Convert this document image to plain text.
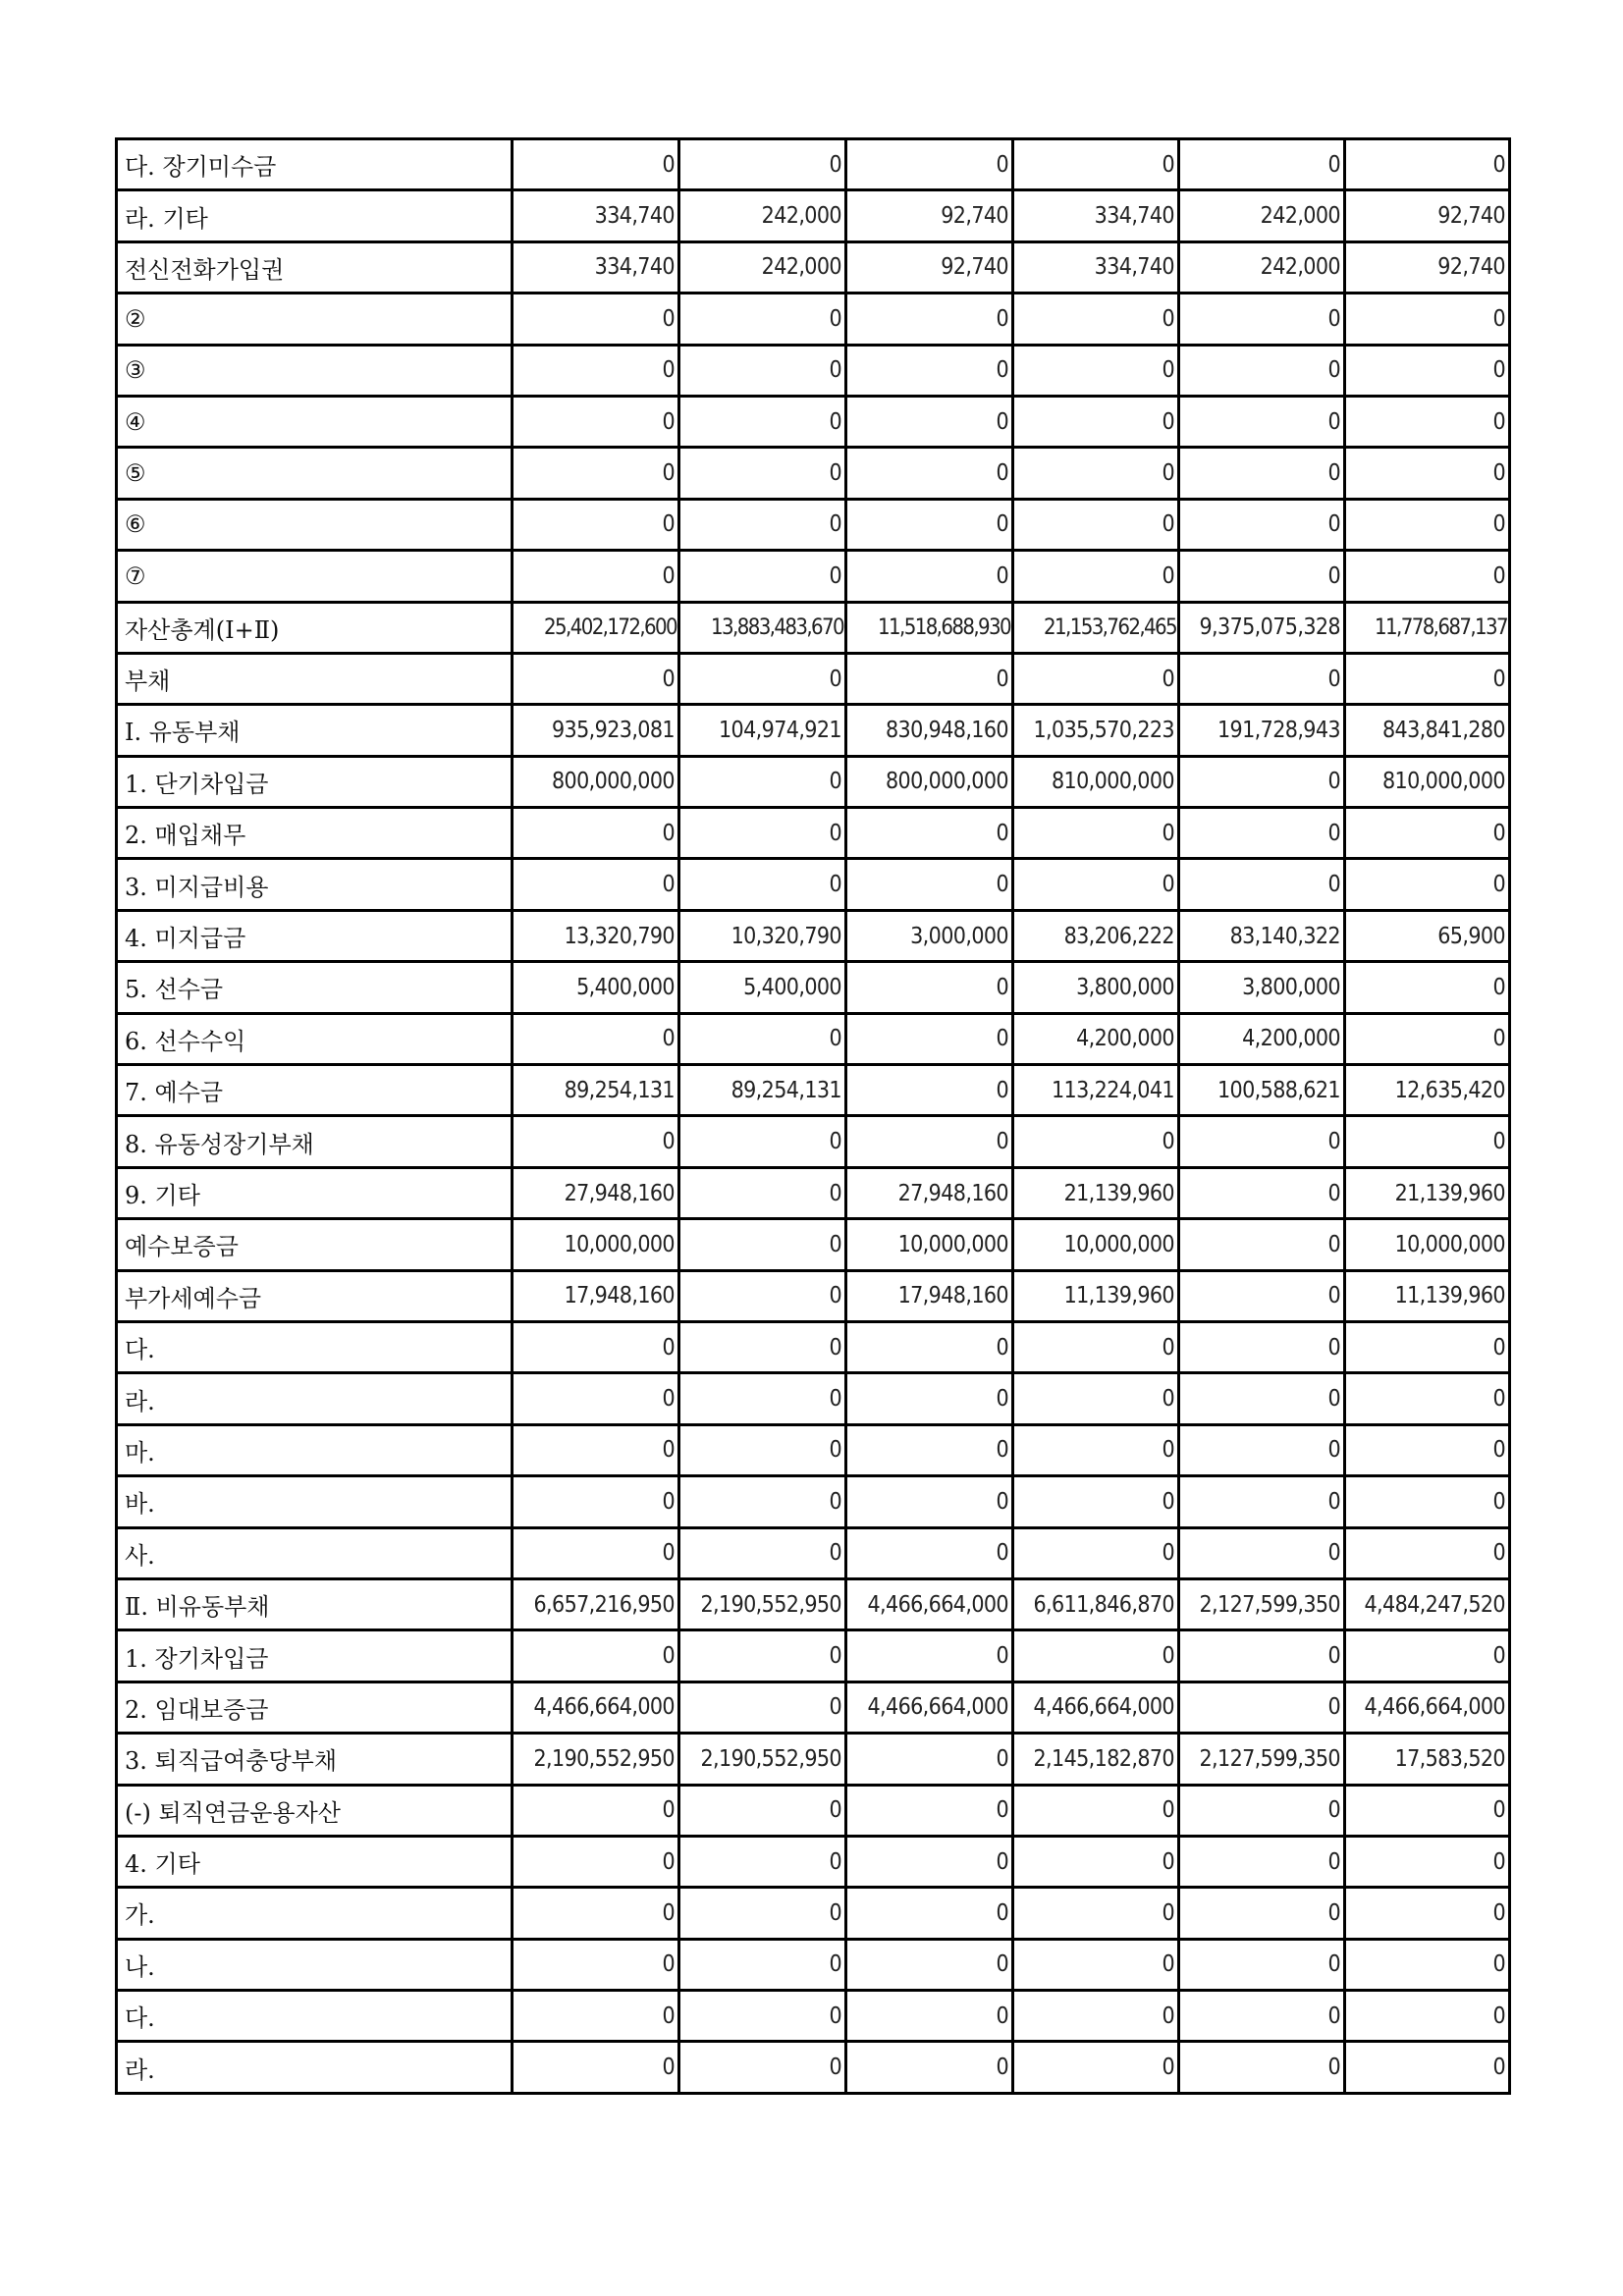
다. 장기미수금	0	0	0	0	0	0
라. 기타	334,740	242,000	92,740	334,740	242,000	92,740
전신전화가입권	334,740	242,000	92,740	334,740	242,000	92,740
②	0	0	0	0	0	0
③	0	0	0	0	0	0
④	0	0	0	0	0	0
⑤	0	0	0	0	0	0
⑥	0	0	0	0	0	0
⑦	0	0	0	0	0	0
자산총계(Ⅰ+Ⅱ)	25,402,172,600	13,883,483,670	11,518,688,930	21,153,762,465	9,375,075,328	11,778,687,137
부채	0	0	0	0	0	0
Ⅰ. 유동부채	935,923,081	104,974,921	830,948,160	1,035,570,223	191,728,943	843,841,280
1. 단기차입금	800,000,000	0	800,000,000	810,000,000	0	810,000,000
2. 매입채무	0	0	0	0	0	0
3. 미지급비용	0	0	0	0	0	0
4. 미지급금	13,320,790	10,320,790	3,000,000	83,206,222	83,140,322	65,900
5. 선수금	5,400,000	5,400,000	0	3,800,000	3,800,000	0
6. 선수수익	0	0	0	4,200,000	4,200,000	0
7. 예수금	89,254,131	89,254,131	0	113,224,041	100,588,621	12,635,420
8. 유동성장기부채	0	0	0	0	0	0
9. 기타	27,948,160	0	27,948,160	21,139,960	0	21,139,960
예수보증금	10,000,000	0	10,000,000	10,000,000	0	10,000,000
부가세예수금	17,948,160	0	17,948,160	11,139,960	0	11,139,960
다.	0	0	0	0	0	0
라.	0	0	0	0	0	0
마.	0	0	0	0	0	0
바.	0	0	0	0	0	0
사.	0	0	0	0	0	0
Ⅱ. 비유동부채	6,657,216,950	2,190,552,950	4,466,664,000	6,611,846,870	2,127,599,350	4,484,247,520
1. 장기차입금	0	0	0	0	0	0
2. 임대보증금	4,466,664,000	0	4,466,664,000	4,466,664,000	0	4,466,664,000
3. 퇴직급여충당부채	2,190,552,950	2,190,552,950	0	2,145,182,870	2,127,599,350	17,583,520
(-) 퇴직연금운용자산	0	0	0	0	0	0
4. 기타	0	0	0	0	0	0
가.	0	0	0	0	0	0
나.	0	0	0	0	0	0
다.	0	0	0	0	0	0
라.	0	0	0	0	0	0
